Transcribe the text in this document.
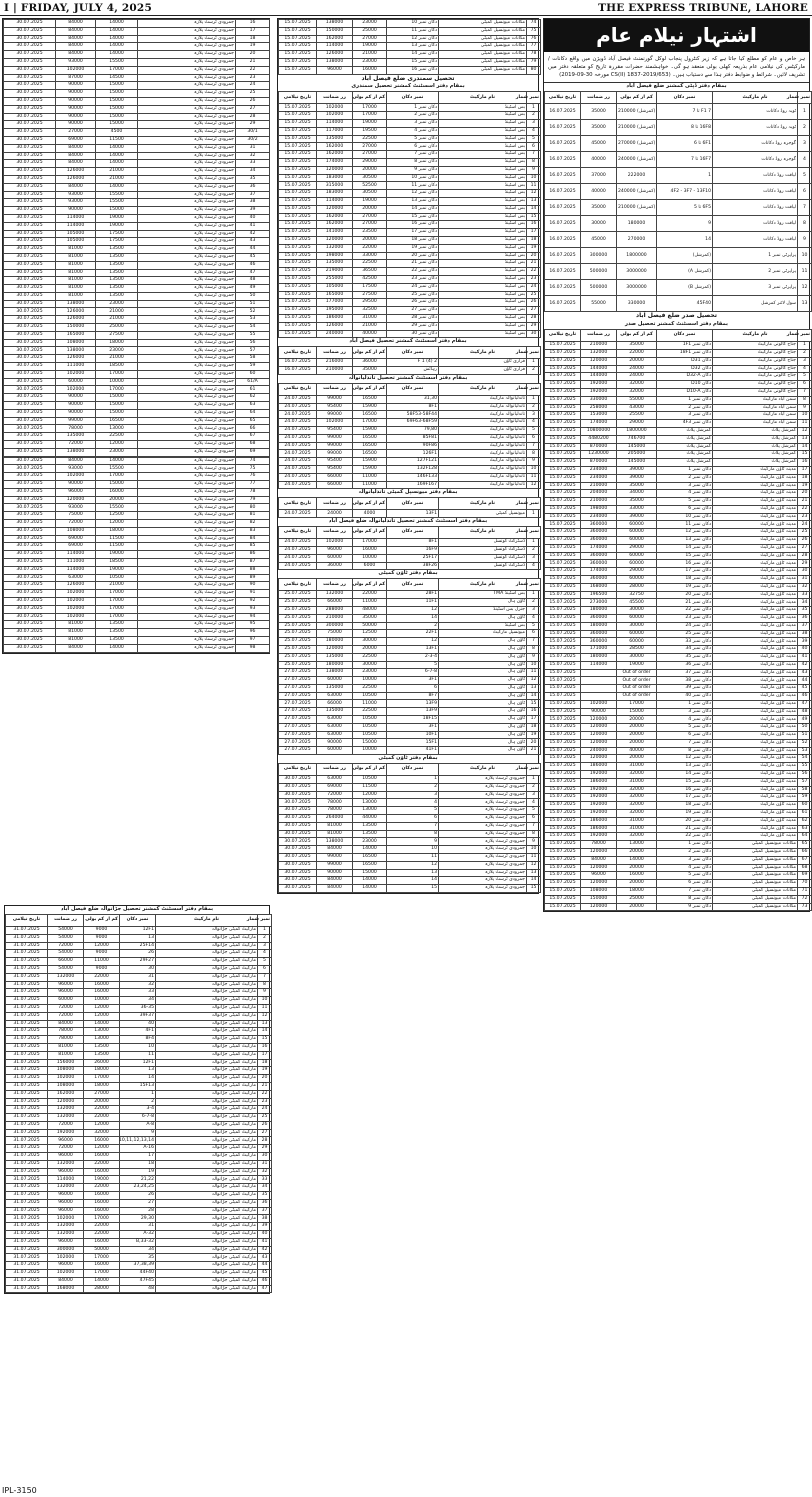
I | FRIDAY, JULY 4, 2025	THE EXPRESS TRIBUNE, LAHORE
30.07.2025	84000	14000	جمرودی ٹرسٹ پلازہ	16
30.07.2025	84000	14000	جمرودی ٹرسٹ پلازہ	17
30.07.2025	84000	14000	جمرودی ٹرسٹ پلازہ	18
30.07.2025	84000	14000	جمرودی ٹرسٹ پلازہ	19
30.07.2025	84000	14000	جمرودی ٹرسٹ پلازہ	20
30.07.2025	93000	15500	جمرودی ٹرسٹ پلازہ	21
30.07.2025	102000	17000	جمرودی ٹرسٹ پلازہ	22
30.07.2025	87000	14500	جمرودی ٹرسٹ پلازہ	23
30.07.2025	90000	15000	جمرودی ٹرسٹ پلازہ	24
30.07.2025	90000	15000	جمرودی ٹرسٹ پلازہ	25
30.07.2025	90000	15000	جمرودی ٹرسٹ پلازہ	26
30.07.2025	90000	15000	جمرودی ٹرسٹ پلازہ	27
30.07.2025	90000	15000	جمرودی ٹرسٹ پلازہ	28
30.07.2025	90000	15000	جمرودی ٹرسٹ پلازہ	29
30.07.2025	27000	4500	جمرودی ٹرسٹ پلازہ	30/1
30.07.2025	69000	11500	جمرودی ٹرسٹ پلازہ	30/2
30.07.2025	84000	14000	جمرودی ٹرسٹ پلازہ	31
30.07.2025	84000	14000	جمرودی ٹرسٹ پلازہ	32
30.07.2025	84000	14000	جمرودی ٹرسٹ پلازہ	33
30.07.2025	126000	21000	جمرودی ٹرسٹ پلازہ	34
30.07.2025	126000	21000	جمرودی ٹرسٹ پلازہ	35
30.07.2025	84000	14000	جمرودی ٹرسٹ پلازہ	36
30.07.2025	93000	15500	جمرودی ٹرسٹ پلازہ	37
30.07.2025	93000	15500	جمرودی ٹرسٹ پلازہ	38
30.07.2025	90000	15000	جمرودی ٹرسٹ پلازہ	39
30.07.2025	114000	19000	جمرودی ٹرسٹ پلازہ	40
30.07.2025	114000	19000	جمرودی ٹرسٹ پلازہ	41
30.07.2025	105000	17500	جمرودی ٹرسٹ پلازہ	42
30.07.2025	105000	17500	جمرودی ٹرسٹ پلازہ	43
30.07.2025	81000	13500	جمرودی ٹرسٹ پلازہ	44
30.07.2025	81000	13500	جمرودی ٹرسٹ پلازہ	45
30.07.2025	81000	13500	جمرودی ٹرسٹ پلازہ	46
30.07.2025	81000	13500	جمرودی ٹرسٹ پلازہ	47
30.07.2025	81000	13500	جمرودی ٹرسٹ پلازہ	48
30.07.2025	81000	13500	جمرودی ٹرسٹ پلازہ	49
30.07.2025	81000	13500	جمرودی ٹرسٹ پلازہ	50
30.07.2025	138000	23000	جمرودی ٹرسٹ پلازہ	51
30.07.2025	126000	21000	جمرودی ٹرسٹ پلازہ	52
30.07.2025	126000	21000	جمرودی ٹرسٹ پلازہ	53
30.07.2025	150000	25000	جمرودی ٹرسٹ پلازہ	54
30.07.2025	165000	27500	جمرودی ٹرسٹ پلازہ	55
30.07.2025	108000	18000	جمرودی ٹرسٹ پلازہ	56
30.07.2025	138000	23000	جمرودی ٹرسٹ پلازہ	57
30.07.2025	126000	21000	جمرودی ٹرسٹ پلازہ	58
30.07.2025	111000	18500	جمرودی ٹرسٹ پلازہ	59
30.07.2025	102000	17000	جمرودی ٹرسٹ پلازہ	60
30.07.2025	60000	10000	جمرودی ٹرسٹ پلازہ	61/A
30.07.2025	102000	17000	جمرودی ٹرسٹ پلازہ	61
30.07.2025	90000	15000	جمرودی ٹرسٹ پلازہ	62
30.07.2025	90000	15000	جمرودی ٹرسٹ پلازہ	63
30.07.2025	90000	15000	جمرودی ٹرسٹ پلازہ	64
30.07.2025	99000	16500	جمرودی ٹرسٹ پلازہ	65
30.07.2025	78000	13000	جمرودی ٹرسٹ پلازہ	66
30.07.2025	135000	22500	جمرودی ٹرسٹ پلازہ	67
30.07.2025	72000	12000	جمرودی ٹرسٹ پلازہ	68
30.07.2025	138000	23000	جمرودی ٹرسٹ پلازہ	69
30.07.2025	84000	14000	جمرودی ٹرسٹ پلازہ	74
30.07.2025	93000	15500	جمرودی ٹرسٹ پلازہ	75
30.07.2025	102000	17000	جمرودی ٹرسٹ پلازہ	76
30.07.2025	90000	15000	جمرودی ٹرسٹ پلازہ	77
30.07.2025	96000	16000	جمرودی ٹرسٹ پلازہ	78
30.07.2025	120000	20000	جمرودی ٹرسٹ پلازہ	79
30.07.2025	93000	15500	جمرودی ٹرسٹ پلازہ	80
30.07.2025	75000	12500	جمرودی ٹرسٹ پلازہ	81
30.07.2025	72000	12000	جمرودی ٹرسٹ پلازہ	82
30.07.2025	108000	18000	جمرودی ٹرسٹ پلازہ	83
30.07.2025	69000	11500	جمرودی ٹرسٹ پلازہ	84
30.07.2025	69000	11500	جمرودی ٹرسٹ پلازہ	85
30.07.2025	114000	19000	جمرودی ٹرسٹ پلازہ	86
30.07.2025	111000	18500	جمرودی ٹرسٹ پلازہ	87
30.07.2025	114000	19000	جمرودی ٹرسٹ پلازہ	88
30.07.2025	63000	10500	جمرودی ٹرسٹ پلازہ	89
30.07.2025	126000	21000	جمرودی ٹرسٹ پلازہ	90
30.07.2025	102000	17000	جمرودی ٹرسٹ پلازہ	91
30.07.2025	102000	17000	جمرودی ٹرسٹ پلازہ	92
30.07.2025	102000	17000	جمرودی ٹرسٹ پلازہ	93
30.07.2025	102000	17000	جمرودی ٹرسٹ پلازہ	94
30.07.2025	81000	13500	جمرودی ٹرسٹ پلازہ	95
30.07.2025	81000	13500	جمرودی ٹرسٹ پلازہ	96
30.07.2025	81000	13500	جمرودی ٹرسٹ پلازہ	97
30.07.2025	84000	14000	جمرودی ٹرسٹ پلازہ	98
بمقام دفتر اسسٹنٹ کمشنر تحصیل جڑانوالہ ضلع فیصل آباد
تاریخ نیلامی	زر ضمانت	کم از کم بولی	نمبر دکان	نام مارکیٹ	نمبر شمار
31.07.2025	54000	9000	12F1	مارکیٹ کمیٹی جڑانوالہ	1
31.07.2025	54000	9000	13	مارکیٹ کمیٹی جڑانوالہ	2
31.07.2025	72000	12000	25F14	مارکیٹ کمیٹی جڑانوالہ	3
31.07.2025	54000	9000	26	مارکیٹ کمیٹی جڑانوالہ	4
31.07.2025	66000	11000	29F27	مارکیٹ کمیٹی جڑانوالہ	5
31.07.2025	54000	9000	30	مارکیٹ کمیٹی جڑانوالہ	6
31.07.2025	132000	22000	31	مارکیٹ کمیٹی جڑانوالہ	7
31.07.2025	96000	16000	32	مارکیٹ کمیٹی جڑانوالہ	8
31.07.2025	96000	16000	33	مارکیٹ کمیٹی جڑانوالہ	9
31.07.2025	60000	10000	34	مارکیٹ کمیٹی جڑانوالہ	10
31.07.2025	72000	12000	36-35	مارکیٹ کمیٹی جڑانوالہ	11
31.07.2025	72000	12000	39F37	مارکیٹ کمیٹی جڑانوالہ	12
31.07.2025	84000	14000	40	مارکیٹ کمیٹی جڑانوالہ	13
31.07.2025	78000	13000	4F1	مارکیٹ کمیٹی جڑانوالہ	14
31.07.2025	78000	13000	8F4	مارکیٹ کمیٹی جڑانوالہ	15
31.07.2025	81000	13500	10	مارکیٹ کمیٹی جڑانوالہ	16
31.07.2025	81000	13500	11	مارکیٹ کمیٹی جڑانوالہ	17
31.07.2025	156000	26000	12F1	مارکیٹ کمیٹی جڑانوالہ	18
31.07.2025	108000	18000	13	مارکیٹ کمیٹی جڑانوالہ	19
31.07.2025	102000	17000	14	مارکیٹ کمیٹی جڑانوالہ	20
31.07.2025	108000	18000	15F13	مارکیٹ کمیٹی جڑانوالہ	21
31.07.2025	162000	27000	1	مارکیٹ کمیٹی جڑانوالہ	22
31.07.2025	120000	20000	2	مارکیٹ کمیٹی جڑانوالہ	23
31.07.2025	132000	22000	3-4	مارکیٹ کمیٹی جڑانوالہ	24
31.07.2025	132000	22000	6-7-8	مارکیٹ کمیٹی جڑانوالہ	25
31.07.2025	72000	12000	A-8	مارکیٹ کمیٹی جڑانوالہ	26
31.07.2025	192000	32000	9	مارکیٹ کمیٹی جڑانوالہ	27
31.07.2025	96000	16000	10,11,12,13,14	مارکیٹ کمیٹی جڑانوالہ	28
31.07.2025	72000	12000	16-A	مارکیٹ کمیٹی جڑانوالہ	29
31.07.2025	96000	16000	17	مارکیٹ کمیٹی جڑانوالہ	30
31.07.2025	132000	22000	18	مارکیٹ کمیٹی جڑانوالہ	31
31.07.2025	96000	16000	19	مارکیٹ کمیٹی جڑانوالہ	32
31.07.2025	114000	19000	21,22	مارکیٹ کمیٹی جڑانوالہ	33
31.07.2025	132000	22000	23,24,25	مارکیٹ کمیٹی جڑانوالہ	34
31.07.2025	96000	16000	26	مارکیٹ کمیٹی جڑانوالہ	35
31.07.2025	96000	16000	27	مارکیٹ کمیٹی جڑانوالہ	36
31.07.2025	96000	16000	28	مارکیٹ کمیٹی جڑانوالہ	37
31.07.2025	102000	17000	29,30	مارکیٹ کمیٹی جڑانوالہ	38
31.07.2025	132000	22000	31	مارکیٹ کمیٹی جڑانوالہ	39
31.07.2025	132000	22000	32-A	مارکیٹ کمیٹی جڑانوالہ	40
31.07.2025	96000	16000	32-B,33	مارکیٹ کمیٹی جڑانوالہ	41
31.07.2025	300000	50000	34	مارکیٹ کمیٹی جڑانوالہ	42
31.07.2025	102000	17000	35	مارکیٹ کمیٹی جڑانوالہ	43
31.07.2025	96000	16000	37,38,39	مارکیٹ کمیٹی جڑانوالہ	44
31.07.2025	102000	17000	44F40	مارکیٹ کمیٹی جڑانوالہ	45
31.07.2025	84000	14000	47F45	مارکیٹ کمیٹی جڑانوالہ	46
31.07.2025	168000	28000	48	مارکیٹ کمیٹی جڑانوالہ	47
15.07.2025	138000	23000	دکان نمبر 10	مکانات میونسپل کمیٹی	74
15.07.2025	150000	25000	دکان نمبر 11	مکانات میونسپل کمیٹی	75
15.07.2025	162000	27000	دکان نمبر 12	مکانات میونسپل کمیٹی	76
15.07.2025	114000	19000	دکان نمبر 13	مکانات میونسپل کمیٹی	77
15.07.2025	126000	21000	دکان نمبر 14	مکانات میونسپل کمیٹی	78
15.07.2025	138000	23000	دکان نمبر 15	مکانات میونسپل کمیٹی	79
15.07.2025	96000	16000	دکان نمبر 16	مکانات میونسپل کمیٹی	80
تحصیل سمندری ضلع فیصل آباد
بمقام دفتر اسسٹنٹ کمشنر تحصیل سمندری
تاریخ نیلامی	زر ضمانت	کم از کم بولی	نمبر دکان	نام مارکیٹ	نمبر شمار
15.07.2025	102000	17000	دکان نمبر 1	بس اسٹینڈ	1
15.07.2025	102000	17000	دکان نمبر 2	بس اسٹینڈ	2
15.07.2025	114000	19000	دکان نمبر 3	بس اسٹینڈ	3
15.07.2025	117000	19500	دکان نمبر 4	بس اسٹینڈ	4
15.07.2025	135000	22500	دکان نمبر 5	بس اسٹینڈ	5
15.07.2025	162000	27000	دکان نمبر 6	بس اسٹینڈ	6
15.07.2025	162000	27000	دکان نمبر 7	بس اسٹینڈ	7
15.07.2025	174000	29000	دکان نمبر 8	بس اسٹینڈ	8
15.07.2025	120000	20000	دکان نمبر 9	بس اسٹینڈ	9
15.07.2025	183000	30500	دکان نمبر 10	بس اسٹینڈ	10
15.07.2025	315000	52500	دکان نمبر 11	بس اسٹینڈ	11
15.07.2025	183000	30500	دکان نمبر 12	بس اسٹینڈ	12
15.07.2025	114000	19000	دکان نمبر 13	بس اسٹینڈ	13
15.07.2025	120000	20000	دکان نمبر 14	بس اسٹینڈ	14
15.07.2025	162000	27000	دکان نمبر 15	بس اسٹینڈ	15
15.07.2025	162000	27000	دکان نمبر 16	بس اسٹینڈ	16
15.07.2025	141000	23500	دکان نمبر 17	بس اسٹینڈ	17
15.07.2025	120000	20000	دکان نمبر 18	بس اسٹینڈ	18
15.07.2025	132000	22000	دکان نمبر 19	بس اسٹینڈ	19
15.07.2025	198000	33000	دکان نمبر 20	بس اسٹینڈ	20
15.07.2025	135000	22500	دکان نمبر 21	بس اسٹینڈ	21
15.07.2025	219000	36500	دکان نمبر 22	بس اسٹینڈ	22
15.07.2025	255000	42500	دکان نمبر 23	بس اسٹینڈ	23
15.07.2025	105000	17500	دکان نمبر 24	بس اسٹینڈ	24
15.07.2025	165000	27500	دکان نمبر 25	بس اسٹینڈ	25
15.07.2025	177000	29500	دکان نمبر 26	بس اسٹینڈ	26
15.07.2025	195000	32500	دکان نمبر 27	بس اسٹینڈ	27
15.07.2025	186000	31000	دکان نمبر 28	بس اسٹینڈ	28
15.07.2025	126000	21000	دکان نمبر 29	بس اسٹینڈ	29
15.07.2025	240000	40000	دکان نمبر 30	بس اسٹینڈ	30
بمقام دفتر اسسٹنٹ کمشنر تحصیل فیصل آباد
تاریخ نیلامی	زر ضمانت	کم از کم بولی	نمبر دکان	نام مارکیٹ	نمبر شمار
16.07.2025	216000	36000	2 F 1 (4)	فراری ٹاؤن	1
16.07.2025	210000	35000	رہائش	فراری ٹاؤن	2
بمقام دفتر اسسٹنٹ کمشنر تحصیل تاندلیانوالہ
تاریخ نیلامی	زر ضمانت	کم از کم بولی	نمبر دکان	نام مارکیٹ	نمبر شمار
24.07.2025	99000	16500	31,30	تاندلیانوالہ مارکیٹ	1
24.07.2025	95400	15900	8F1	تاندلیانوالہ مارکیٹ	2
24.07.2025	99000	16500	58F53-58F44	تاندلیانوالہ مارکیٹ	3
24.07.2025	102000	17000	69F63-68F59	تاندلیانوالہ مارکیٹ	4
24.07.2025	95400	15900	79,80	تاندلیانوالہ مارکیٹ	5
24.07.2025	99000	16500	85F81	تاندلیانوالہ مارکیٹ	6
24.07.2025	99000	16500	90F86	تاندلیانوالہ مارکیٹ	7
24.07.2025	99000	16500	126F1	تاندلیانوالہ مارکیٹ	8
24.07.2025	95400	15900	127F121	تاندلیانوالہ مارکیٹ	9
24.07.2025	95400	15900	132F128	تاندلیانوالہ مارکیٹ	10
24.07.2025	66000	11000	146F133	تاندلیانوالہ مارکیٹ	11
24.07.2025	66000	11000	169F167	تاندلیانوالہ مارکیٹ	12
بمقام دفتر میونسپل کمیٹی تاندلیانوالہ
تاریخ نیلامی	زر ضمانت	کم از کم بولی	نمبر دکان	نام مارکیٹ	نمبر شمار
24.07.2025	24000	4000	13F1	میونسپل کمیٹی	1
بمقام دفتر اسسٹنٹ کمشنر تحصیل تاندلیانوالہ ضلع فیصل آباد
تاریخ نیلامی	زر ضمانت	کم از کم بولی	نمبر دکان	نام مارکیٹ	نمبر شمار
24.07.2025	102000	17000	8F1	ڈسٹرکٹ کونسل	1
24.07.2025	96000	16000	16F9	ڈسٹرکٹ کونسل	2
24.07.2025	60000	10000	25F17	ڈسٹرکٹ کونسل	3
24.07.2025	36000	6000	38F26	ڈسٹرکٹ کونسل	4
بمقام دفتر ٹاؤن کمیٹی
تاریخ نیلامی	زر ضمانت	کم از کم بولی	نمبر دکان	نام مارکیٹ	نمبر شمار
25.07.2025	132000	22000	28F1	بس اسٹینڈ TMA	1
25.07.2025	66000	11000	11F1	ٹاؤن ہال	2
25.07.2025	288000	48000	12	جنرل بس اسٹینڈ	3
25.07.2025	210000	35000	14	ٹاؤن ہال	4
25.07.2025	300000	50000	2	بس اسٹینڈ	5
25.07.2025	75000	12500	22F1	میونسپل مارکیٹ	6
25.07.2025	180000	30000	12	ٹاؤن ہال	7
25.07.2025	120000	20000	13F1	ٹاؤن ہال	8
25.07.2025	135000	22500	2-3-4	ٹاؤن ہال	9
25.07.2025	180000	30000	5	ٹاؤن ہال	10
27.07.2025	138000	23000	6-7-8	ٹاؤن ہال	11
27.07.2025	60000	10000	3F1	ٹاؤن ہال	12
27.07.2025	135000	22500	6	ٹاؤن ہال	13
27.07.2025	63000	10500	8F7	ٹاؤن ہال	14
27.07.2025	66000	11000	13F9	ٹاؤن ہال	15
27.07.2025	135000	22500	13F9	ٹاؤن ہال	16
27.07.2025	63000	10500	18F15	ٹاؤن ہال	17
27.07.2025	63000	10500	3F1	ٹاؤن ہال	18
27.07.2025	63000	10500	10F1	ٹاؤن ہال	19
27.07.2025	90000	15000	15F1	ٹاؤن ہال	20
27.07.2025	60000	10000	41F1	ٹاؤن ہال	21
بمقام دفتر ٹاؤن کمیٹی
تاریخ نیلامی	زر ضمانت	کم از کم بولی	نمبر دکان	نام مارکیٹ	نمبر شمار
30.07.2025	63000	10500	1	جمرودی ٹرسٹ پلازہ	1
30.07.2025	69000	11500	2	جمرودی ٹرسٹ پلازہ	2
30.07.2025	72000	12000	3	جمرودی ٹرسٹ پلازہ	3
30.07.2025	78000	13000	4	جمرودی ٹرسٹ پلازہ	4
30.07.2025	78000	13000	5	جمرودی ٹرسٹ پلازہ	5
30.07.2025	264000	44000	6	جمرودی ٹرسٹ پلازہ	6
30.07.2025	81000	13500	7	جمرودی ٹرسٹ پلازہ	7
30.07.2025	81000	13500	8	جمرودی ٹرسٹ پلازہ	8
30.07.2025	138000	23000	9	جمرودی ٹرسٹ پلازہ	9
30.07.2025	84000	14000	10	جمرودی ٹرسٹ پلازہ	10
30.07.2025	99000	16500	11	جمرودی ٹرسٹ پلازہ	11
30.07.2025	99000	16500	12	جمرودی ٹرسٹ پلازہ	12
30.07.2025	90000	15000	13	جمرودی ٹرسٹ پلازہ	13
30.07.2025	84000	14000	14	جمرودی ٹرسٹ پلازہ	14
30.07.2025	84000	14000	15	جمرودی ٹرسٹ پلازہ	15
اشتہار نیلام عام
ہر خاص و عام کو مطلع کیا جاتا ہے کہ زیر کنٹرول پنجاب لوکل گورنمنٹ فیصل آباد ڈویژن میں واقع دکانات / مارکیٹس کی نیلامی عام بذریعہ کھلی بولی منعقد ہو گی۔ خواہشمند حضرات مقررہ تاریخ کو متعلقہ دفتر میں تشریف لائیں۔ شرائط و ضوابط دفتر ہذا سے دستیاب ہیں۔ (CS(II) 1837-2019/653 مورخہ 30-09-2019)
بمقام دفتر ڈپٹی کمشنر ضلع فیصل آباد
تاریخ نیلامی	زر ضمانت	کم از کم بولی	نمبر دکان	نام مارکیٹ	نمبر شمار
16.07.2025	35000	210000 (کمرشل)	F1 7 تا 7	ٹوبہ روڈ دکانات	1
16.07.2025	35000	210000 (کمرشل)	16F8 تا 8	ٹوبہ روڈ دکانات	2
16.07.2025	45000	270000 (کمرشل)	6F1 تا 6	گوجرہ روڈ دکانات	3
16.07.2025	40000	240000 (کمرشل)	16F7 تا 7	گوجرہ روڈ دکانات	4
16.07.2025	37000	222000	1	لیاقت روڈ دکانات	5
16.07.2025	40000	240000 (کمرشل)	4F2 - 3F7 - 13F10	لیاقت روڈ دکانات	6
16.07.2025	35000	210000 (کمرشل)	6F5 تا 5	لیاقت روڈ دکانات	7
16.07.2025	30000	180000	9	لیاقت روڈ دکانات	8
16.07.2025	45000	270000	14	لیاقت روڈ دکانات	9
16.07.2025	300000	1800000	(کمرشل)	پراپرٹی نمبر 1	10
16.07.2025	500000	3000000	(کمرشل A)	پراپرٹی نمبر 2	11
16.07.2025	500000	3000000	(کمرشل B)	پراپرٹی نمبر 3	12
16.07.2025	55000	330000	45F40	سول لائنز کمرشل	13
تحصیل صدر ضلع فیصل آباد
بمقام دفتر اسسٹنٹ کمشنر تحصیل صدر
تاریخ نیلامی	زر ضمانت	کم از کم بولی	نمبر دکان	نام مارکیٹ	نمبر شمار
15.07.2025	210000	35000	دکان نمبر 1F1	جناح کالونی مارکیٹ	1
15.07.2025	132000	22000	دکان نمبر 18F1	جناح کالونی مارکیٹ	2
15.07.2025	120000	20000	دکان D31	جناح کالونی مارکیٹ	3
15.07.2025	144000	24000	دکان D32	جناح کالونی مارکیٹ	4
15.07.2025	144000	24000	دکان D32-A	جناح کالونی مارکیٹ	5
15.07.2025	192000	32000	دکان D10	جناح کالونی مارکیٹ	6
15.07.2025	192000	32000	دکان D10-A	جناح کالونی مارکیٹ	7
15.07.2025	330000	55000	دکان نمبر 1	سمن آباد مارکیٹ	8
15.07.2025	258000	43000	دکان نمبر 2	سمن آباد مارکیٹ	9
15.07.2025	153000	25500	دکان نمبر 3	سمن آباد مارکیٹ	10
15.07.2025	174000	29000	دکان نمبر 4F3	سمن آباد مارکیٹ	11
15.07.2025	10800000	1800000	کمرشل پلاٹ	کمرشل پلاٹ	12
15.07.2025	4480200	746700	کمرشل پلاٹ	کمرشل پلاٹ	13
15.07.2025	870000	145000	کمرشل پلاٹ	کمرشل پلاٹ	14
15.07.2025	1230000	205000	کمرشل پلاٹ	کمرشل پلاٹ	15
15.07.2025	870000	145000	کمرشل پلاٹ	کمرشل پلاٹ	16
15.07.2025	234000	39000	دکان نمبر 1	مدینہ ٹاؤن مارکیٹ	17
15.07.2025	234000	39000	دکان نمبر 2	مدینہ ٹاؤن مارکیٹ	18
15.07.2025	210000	35000	دکان نمبر 3	مدینہ ٹاؤن مارکیٹ	19
15.07.2025	204000	34000	دکان نمبر 4	مدینہ ٹاؤن مارکیٹ	20
15.07.2025	210000	35000	دکان نمبر 5	مدینہ ٹاؤن مارکیٹ	21
15.07.2025	198000	33000	دکان نمبر 6	مدینہ ٹاؤن مارکیٹ	22
15.07.2025	234000	39000	دکان نمبر 10	مدینہ ٹاؤن مارکیٹ	23
15.07.2025	360000	60000	دکان نمبر 11	مدینہ ٹاؤن مارکیٹ	24
15.07.2025	360000	60000	دکان نمبر 12	مدینہ ٹاؤن مارکیٹ	25
15.07.2025	360000	60000	دکان نمبر 13	مدینہ ٹاؤن مارکیٹ	26
15.07.2025	174000	29000	دکان نمبر 14	مدینہ ٹاؤن مارکیٹ	27
15.07.2025	360000	60000	دکان نمبر 15	مدینہ ٹاؤن مارکیٹ	28
15.07.2025	360000	60000	دکان نمبر 16	مدینہ ٹاؤن مارکیٹ	29
15.07.2025	174000	29000	دکان نمبر 17	مدینہ ٹاؤن مارکیٹ	30
15.07.2025	360000	60000	دکان نمبر 18	مدینہ ٹاؤن مارکیٹ	31
15.07.2025	168000	28000	دکان نمبر 19	مدینہ ٹاؤن مارکیٹ	32
15.07.2025	196500	32750	دکان نمبر 20	مدینہ ٹاؤن مارکیٹ	33
15.07.2025	273000	45500	دکان نمبر 21	مدینہ ٹاؤن مارکیٹ	34
15.07.2025	180000	30000	دکان نمبر 22	مدینہ ٹاؤن مارکیٹ	35
15.07.2025	360000	60000	دکان نمبر 23	مدینہ ٹاؤن مارکیٹ	36
15.07.2025	180000	30000	دکان نمبر 24	مدینہ ٹاؤن مارکیٹ	37
15.07.2025	360000	60000	دکان نمبر 25	مدینہ ٹاؤن مارکیٹ	38
15.07.2025	360000	60000	دکان نمبر 33	مدینہ ٹاؤن مارکیٹ	39
15.07.2025	171000	28500	دکان نمبر 34	مدینہ ٹاؤن مارکیٹ	40
15.07.2025	180000	30000	دکان نمبر 35	مدینہ ٹاؤن مارکیٹ	41
15.07.2025	114000	19000	دکان نمبر 36	مدینہ ٹاؤن مارکیٹ	42
15.07.2025		Out of order	دکان نمبر 37	مدینہ ٹاؤن مارکیٹ	43
15.07.2025		Out of order	دکان نمبر 38	مدینہ ٹاؤن مارکیٹ	44
15.07.2025		Out of order	دکان نمبر 39	مدینہ ٹاؤن مارکیٹ	45
15.07.2025		Out of order	دکان نمبر 40	مدینہ ٹاؤن مارکیٹ	46
15.07.2025	102000	17000	دکان نمبر 1	مدینہ ٹاؤن مارکیٹ	47
15.07.2025	90000	15000	دکان نمبر 3	مدینہ ٹاؤن مارکیٹ	48
15.07.2025	120000	20000	دکان نمبر 4	مدینہ ٹاؤن مارکیٹ	49
15.07.2025	120000	20000	دکان نمبر 5	مدینہ ٹاؤن مارکیٹ	50
15.07.2025	120000	20000	دکان نمبر 6	مدینہ ٹاؤن مارکیٹ	51
15.07.2025	120000	20000	دکان نمبر 7	مدینہ ٹاؤن مارکیٹ	52
15.07.2025	240000	40000	دکان نمبر 8	مدینہ ٹاؤن مارکیٹ	53
15.07.2025	120000	20000	دکان نمبر 12	مدینہ ٹاؤن مارکیٹ	54
15.07.2025	186000	31000	دکان نمبر 13	مدینہ ٹاؤن مارکیٹ	55
15.07.2025	192000	32000	دکان نمبر 14	مدینہ ٹاؤن مارکیٹ	56
15.07.2025	186000	31000	دکان نمبر 15	مدینہ ٹاؤن مارکیٹ	57
15.07.2025	192000	32000	دکان نمبر 16	مدینہ ٹاؤن مارکیٹ	58
15.07.2025	192000	32000	دکان نمبر 17	مدینہ ٹاؤن مارکیٹ	59
15.07.2025	192000	32000	دکان نمبر 18	مدینہ ٹاؤن مارکیٹ	60
15.07.2025	192000	32000	دکان نمبر 19	مدینہ ٹاؤن مارکیٹ	61
15.07.2025	186000	31000	دکان نمبر 20	مدینہ ٹاؤن مارکیٹ	62
15.07.2025	186000	31000	دکان نمبر 21	مدینہ ٹاؤن مارکیٹ	63
15.07.2025	192000	32000	دکان نمبر 22	مدینہ ٹاؤن مارکیٹ	64
15.07.2025	78000	13000	دکان نمبر 1	مکانات میونسپل کمیٹی	65
15.07.2025	120000	20000	دکان نمبر 2	مکانات میونسپل کمیٹی	66
15.07.2025	84000	14000	دکان نمبر 3	مکانات میونسپل کمیٹی	67
15.07.2025	120000	20000	دکان نمبر 4	مکانات میونسپل کمیٹی	68
15.07.2025	96000	16000	دکان نمبر 5	مکانات میونسپل کمیٹی	69
15.07.2025	120000	20000	دکان نمبر 6	مکانات میونسپل کمیٹی	70
15.07.2025	108000	18000	دکان نمبر 7	مکانات میونسپل کمیٹی	71
15.07.2025	150000	25000	دکان نمبر 8	مکانات میونسپل کمیٹی	72
15.07.2025	120000	20000	دکان نمبر 9	مکانات میونسپل کمیٹی	73
IPL-3150
